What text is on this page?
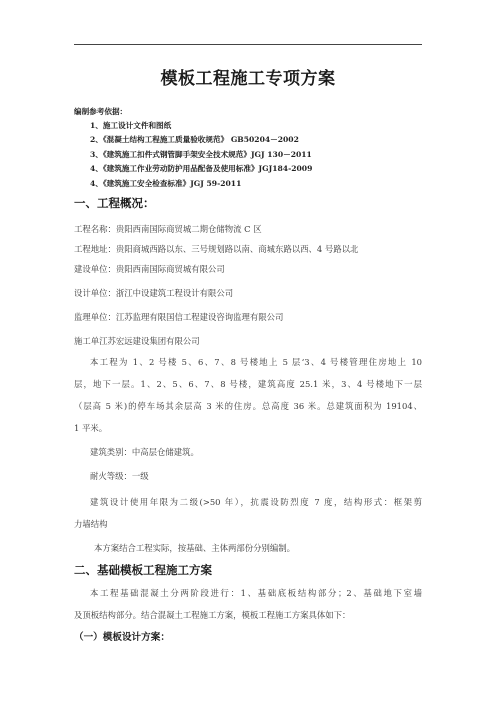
模板工程施工专项方案
编制参考依据：
1、施工设计文件和图纸
2、《混凝土结构工程施工质量验收规范》 GB50204－2002
3、《建筑施工扣件式钢管脚手架安全技术规范》JGJ 130－2011
4、《建筑施工作业劳动防护用品配备及使用标准》JGJ184-2009
4、《建筑施工安全检查标准》JGJ 59-2011
一、工程概况：
工程名称：贵阳西南国际商贸城二期仓储物流 C 区
工程地址：贵阳商城西路以东、三号规划路以南、商城东路以西、4 号路以北
建设单位：贵阳西南国际商贸城有限公司
设计单位：浙江中设建筑工程设计有限公司
监理单位：江苏监理有限国信工程建设咨询监理有限公司
施工单江苏宏远建设集团有限公司
本工程为 1、2 号楼 5、6、7、8 号楼地上 5 层‘3、4 号楼管理住房地上 10
层，地下一层。1、2、5、6、7、8 号楼，建筑高度 25.1 米，3、4 号楼地下一层
（层高 5 米)的停车场其余层高 3 米的住房。总高度 36 米。总建筑面积为 19104、
1 平米。
建筑类别：中高层仓储建筑。
耐火等级：一级
建筑设计使用年限为二级(>50 年），抗震设防烈度 7 度，结构形式：框架剪
力墙结构
本方案结合工程实际，按基础、主体两部份分别编制。
二、基础模板工程施工方案
本工程基础混凝土分两阶段进行：1、基础底板结构部分；2、基础地下室墙
及顶板结构部分。结合混凝土工程施工方案，模板工程施工方案具体如下：
（一）模板设计方案：
